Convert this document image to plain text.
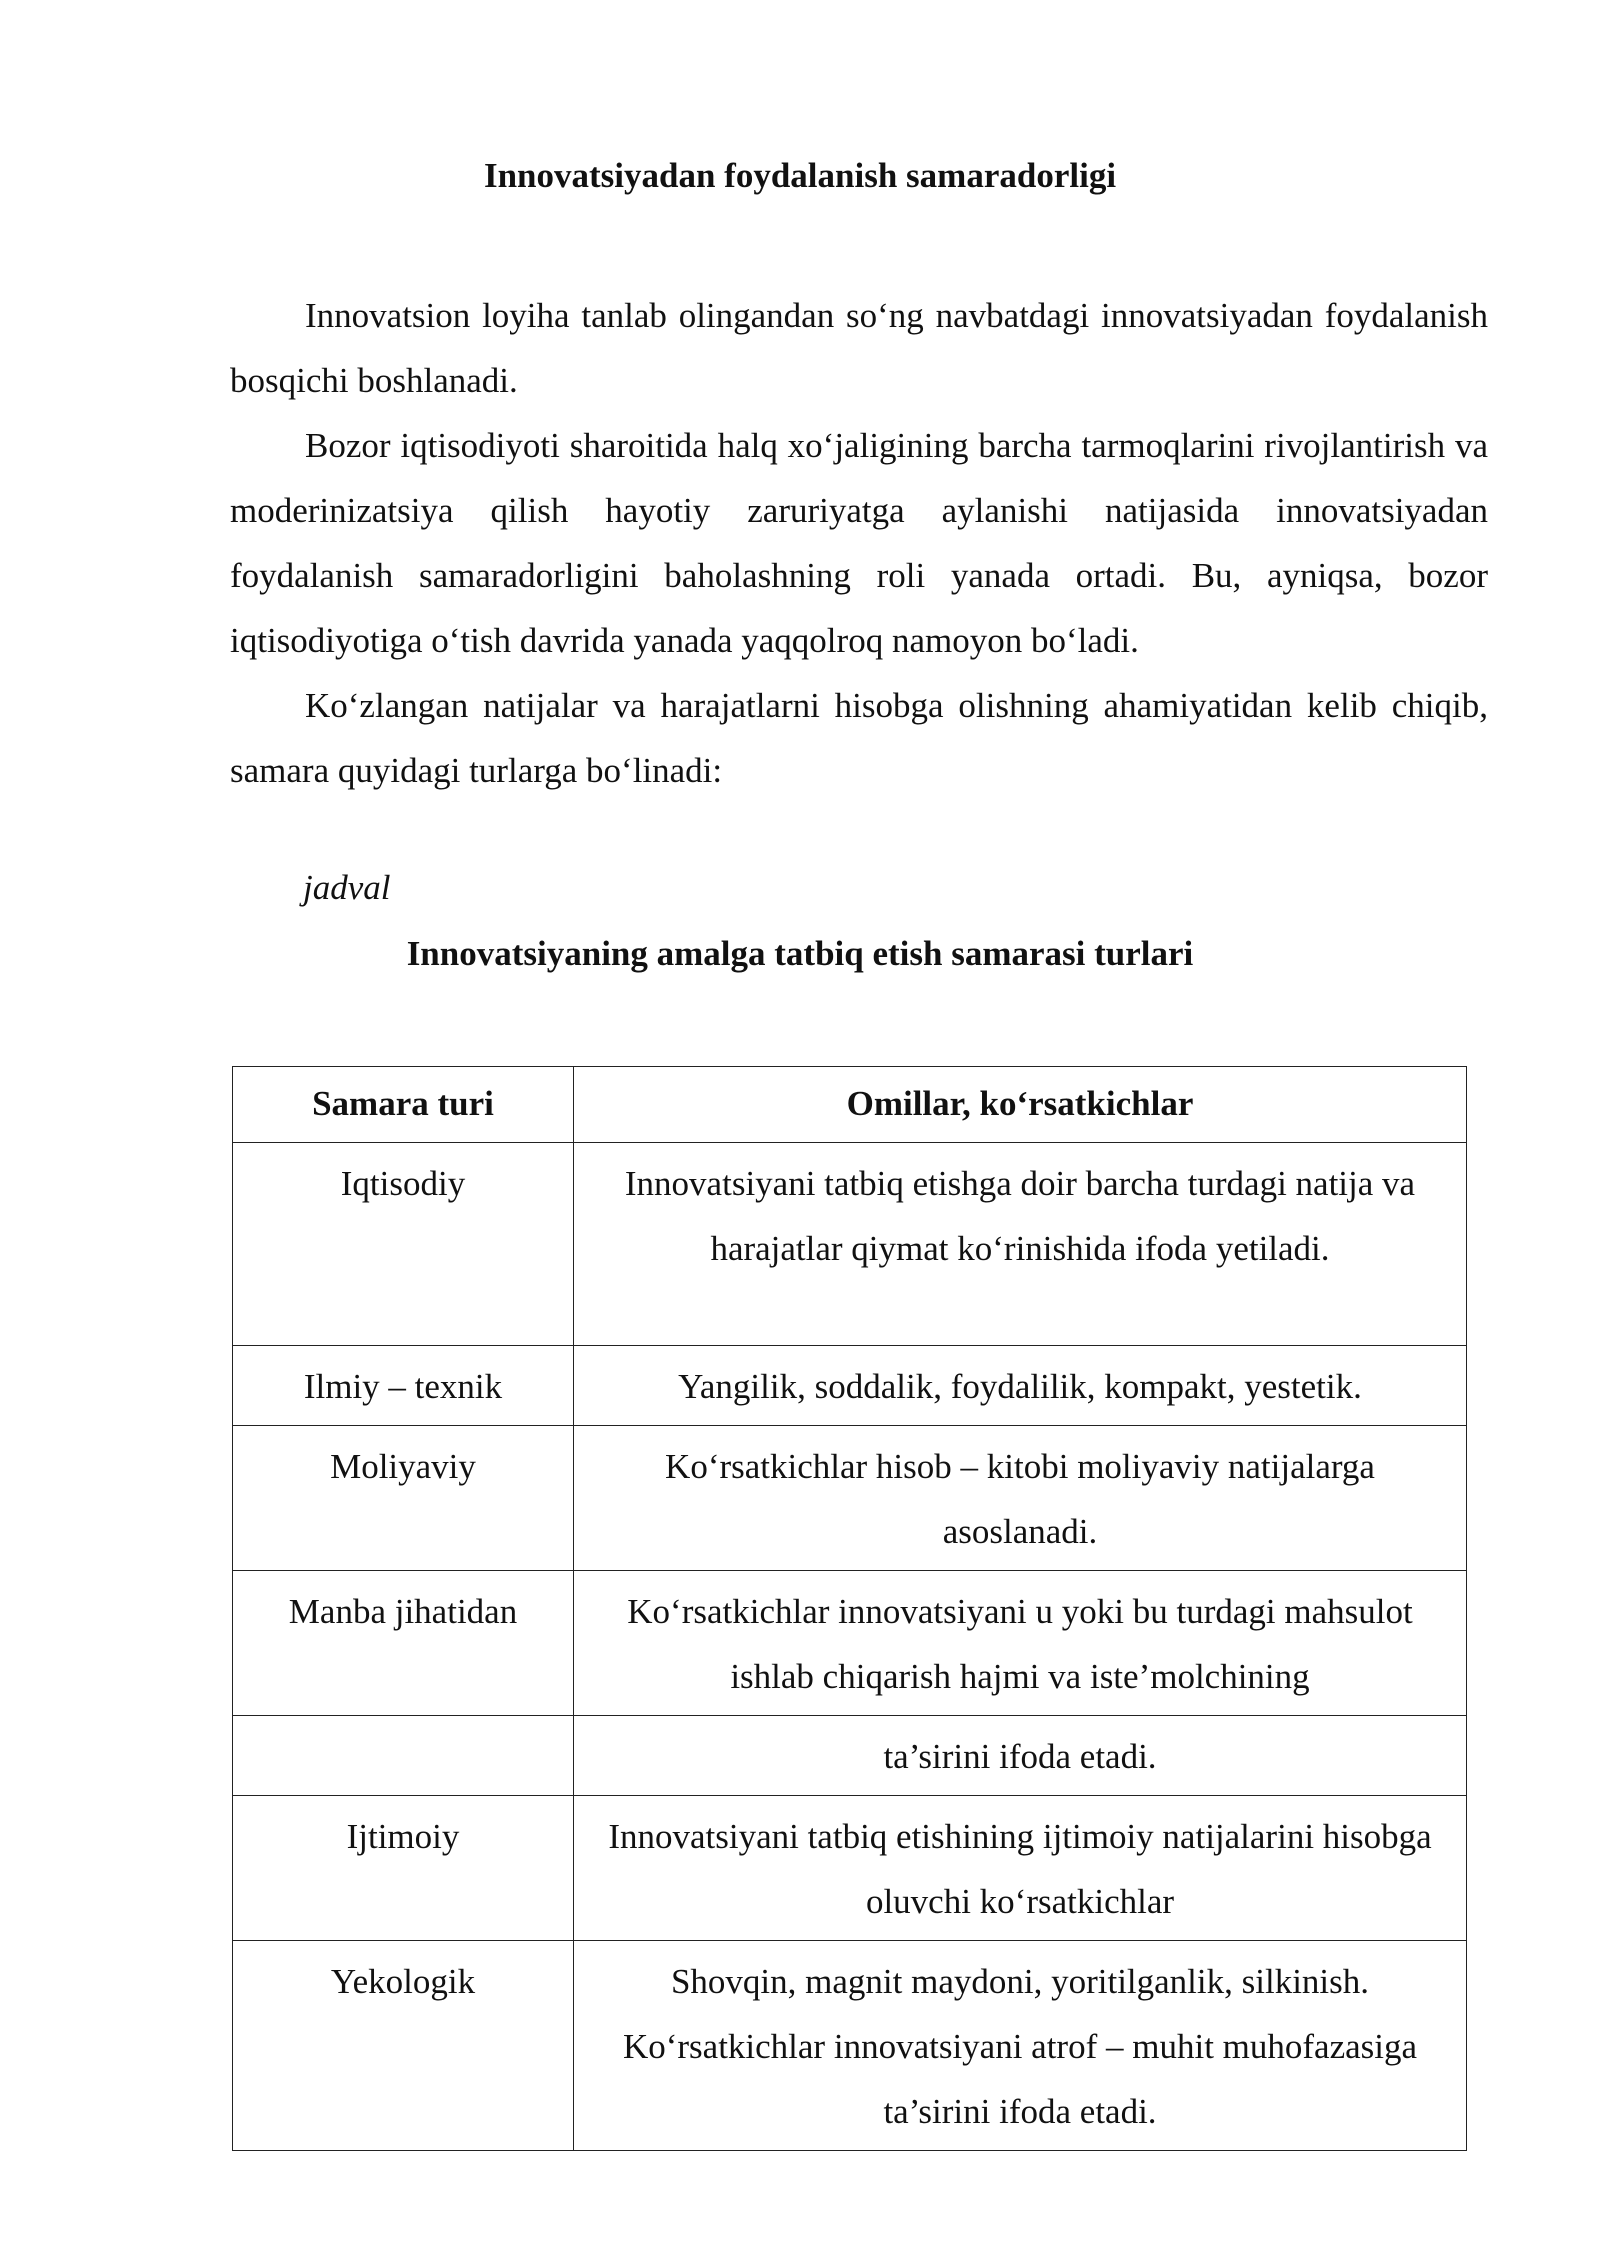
Innovatsiyadan foydalanish samaradorligi

Innovatsion loyiha tanlab olingandan so‘ng navbatdagi innovatsiyadan foydalanish bosqichi boshlanadi.

Bozor iqtisodiyoti sharoitida halq xo‘jaligining barcha tarmoqlarini rivojlantirish va moderinizatsiya qilish hayotiy zaruriyatga aylanishi natijasida innovatsiyadan foydalanish samaradorligini baholashning roli yanada ortadi. Bu, ayniqsa, bozor iqtisodiyotiga o‘tish davrida yanada yaqqolroq namoyon bo‘ladi.

Ko‘zlangan natijalar va harajatlarni hisobga olishning ahamiyatidan kelib chiqib, samara quyidagi turlarga bo‘linadi:

jadval

Innovatsiyaning amalga tatbiq etish samarasi turlari

Samara turi	Omillar, ko‘rsatkichlar
Iqtisodiy	Innovatsiyani tatbiq etishga doir barcha turdagi natija va harajatlar qiymat ko‘rinishida ifoda yetiladi.
Ilmiy – texnik	Yangilik, soddalik, foydalilik, kompakt, yestetik.
Moliyaviy	Ko‘rsatkichlar hisob – kitobi moliyaviy natijalarga asoslanadi.
Manba jihatidan	Ko‘rsatkichlar innovatsiyani u yoki bu turdagi mahsulot ishlab chiqarish hajmi va iste’molchining
	ta’sirini ifoda etadi.
Ijtimoiy	Innovatsiyani tatbiq etishining ijtimoiy natijalarini hisobga oluvchi ko‘rsatkichlar
Yekologik	Shovqin, magnit maydoni, yoritilganlik, silkinish. Ko‘rsatkichlar innovatsiyani atrof – muhit muhofazasiga ta’sirini ifoda etadi.
